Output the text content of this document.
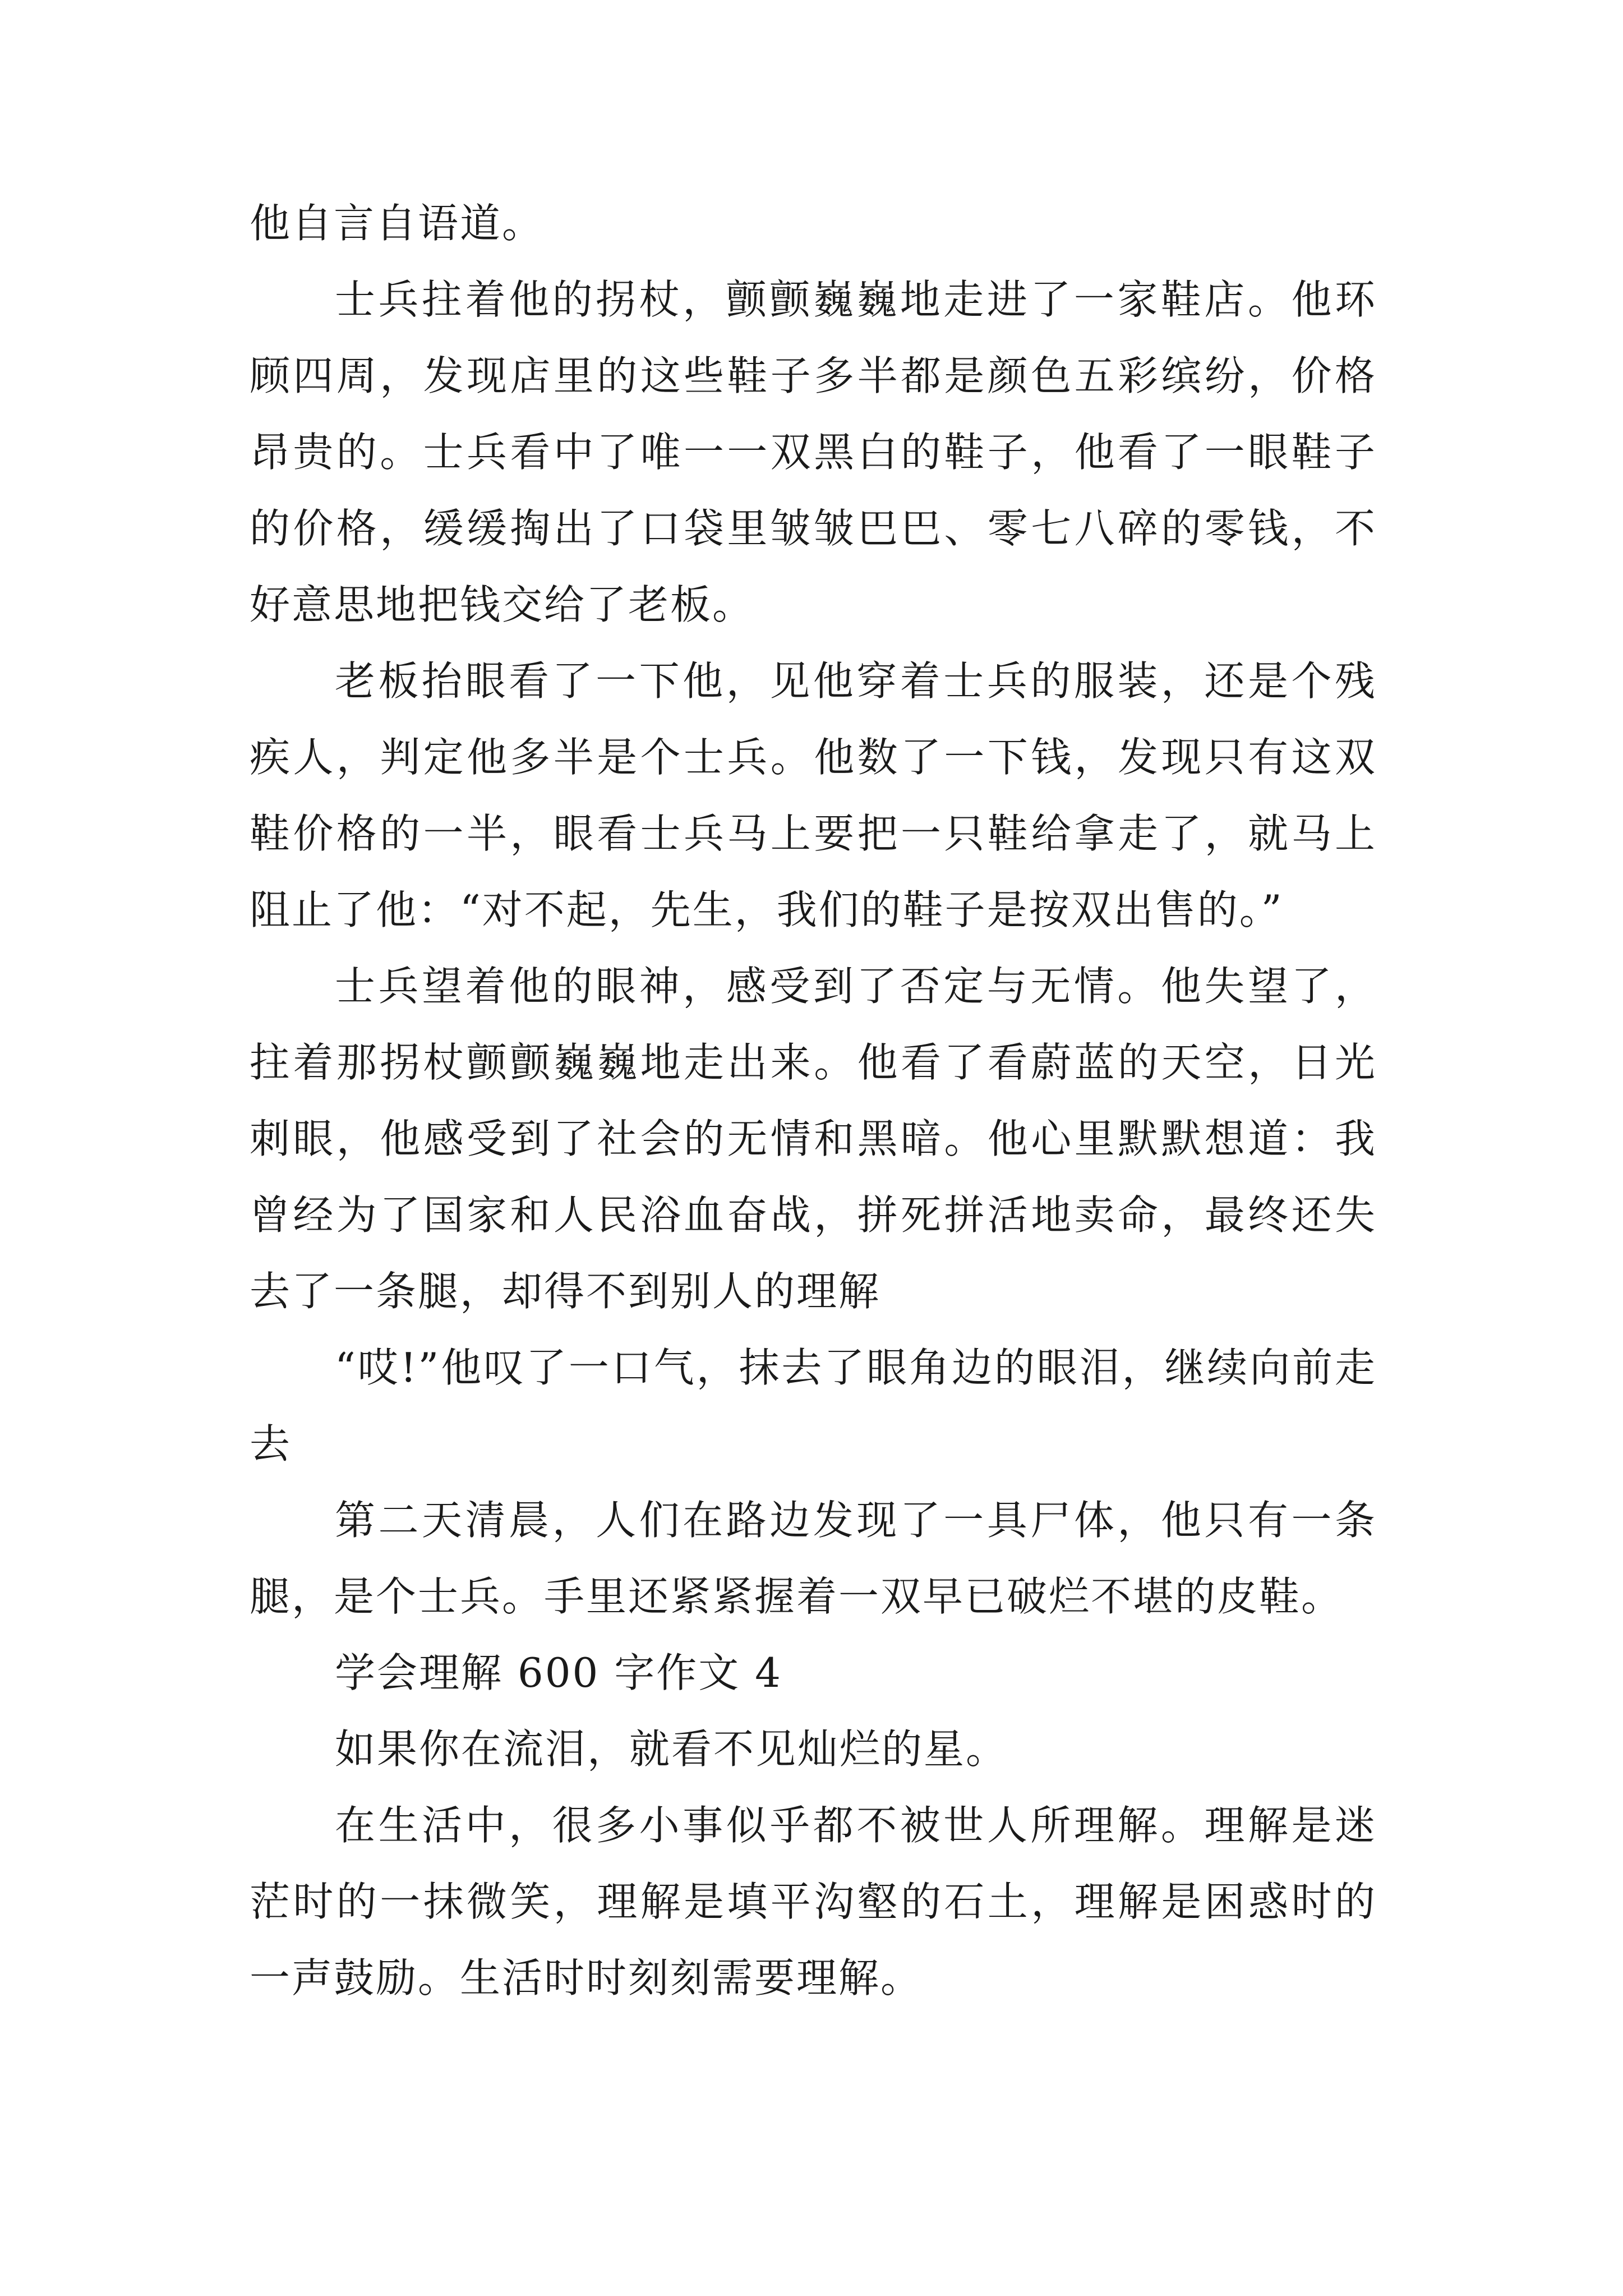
他自言自语道。

士兵拄着他的拐杖，颤颤巍巍地走进了一家鞋店。他环顾四周，发现店里的这些鞋子多半都是颜色五彩缤纷，价格昂贵的。士兵看中了唯一一双黑白的鞋子，他看了一眼鞋子的价格，缓缓掏出了口袋里皱皱巴巴、零七八碎的零钱，不好意思地把钱交给了老板。

老板抬眼看了一下他，见他穿着士兵的服装，还是个残疾人，判定他多半是个士兵。他数了一下钱，发现只有这双鞋价格的一半，眼看士兵马上要把一只鞋给拿走了，就马上阻止了他：“对不起，先生，我们的鞋子是按双出售的。”

士兵望着他的眼神，感受到了否定与无情。他失望了，拄着那拐杖颤颤巍巍地走出来。他看了看蔚蓝的天空，日光刺眼，他感受到了社会的无情和黑暗。他心里默默想道：我曾经为了国家和人民浴血奋战，拼死拼活地卖命，最终还失去了一条腿，却得不到别人的理解

“哎!”他叹了一口气，抹去了眼角边的眼泪，继续向前走去

第二天清晨，人们在路边发现了一具尸体，他只有一条腿，是个士兵。手里还紧紧握着一双早已破烂不堪的皮鞋。

学会理解 600 字作文 4

如果你在流泪，就看不见灿烂的星。

在生活中，很多小事似乎都不被世人所理解。理解是迷茫时的一抹微笑，理解是填平沟壑的石土，理解是困惑时的一声鼓励。生活时时刻刻需要理解。
